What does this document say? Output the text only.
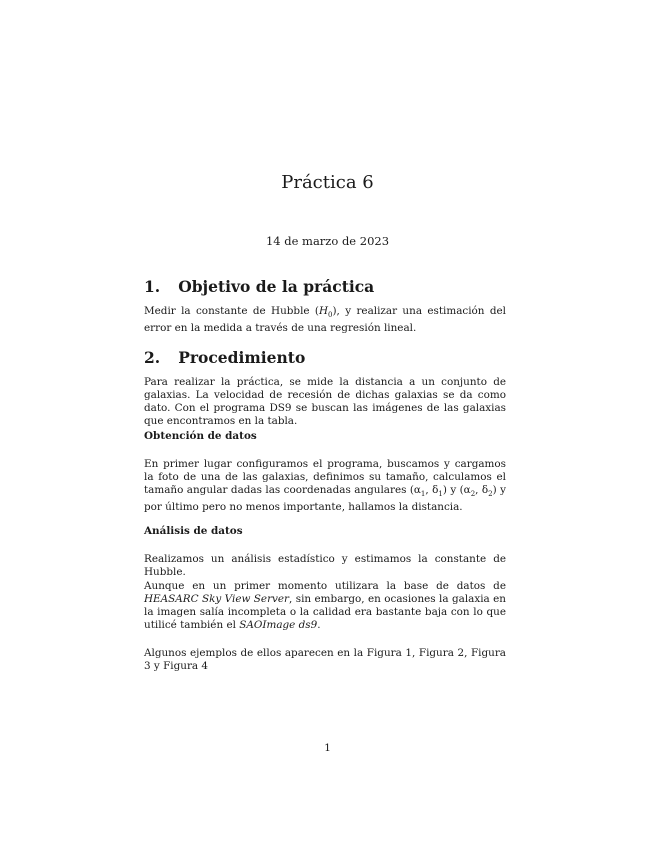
Práctica 6
14 de marzo de 2023
1. Objetivo de la práctica

Medir la constante de Hubble $(H_0)$, y realizar una estimación del error en la medida a través de una regresión lineal.

2. Procedimiento

Para realizar la práctica, se mide la distancia a un conjunto de galaxias. La velocidad de recesión de dichas galaxias se da como dato. Con el programa DS9 se buscan las imágenes de las galaxias que encontramos en la tabla.

Obtención de datos

En primer lugar configuramos el programa, buscamos y cargamos la foto de una de las galaxias, definimos su tamaño, calculamos el tamaño angular dadas las coordenadas angulares ($\alpha_1$, $\delta_1$) y ($\alpha_2$, $\delta_2$) y por último pero no menos importante, hallamos la distancia.

Análisis de datos

Realizamos un análisis estadístico y estimamos la constante de Hubble.

Aunque en un primer momento utilizara la base de datos de HEASARC Sky View Server, sin embargo, en ocasiones la galaxia en la imagen salía incompleta o la calidad era bastante baja con lo que utilicé también el SAOImage ds9.

Algunos ejemplos de ellos aparecen en la Figura 1, Figura 2, Figura 3 y Figura 4

1
